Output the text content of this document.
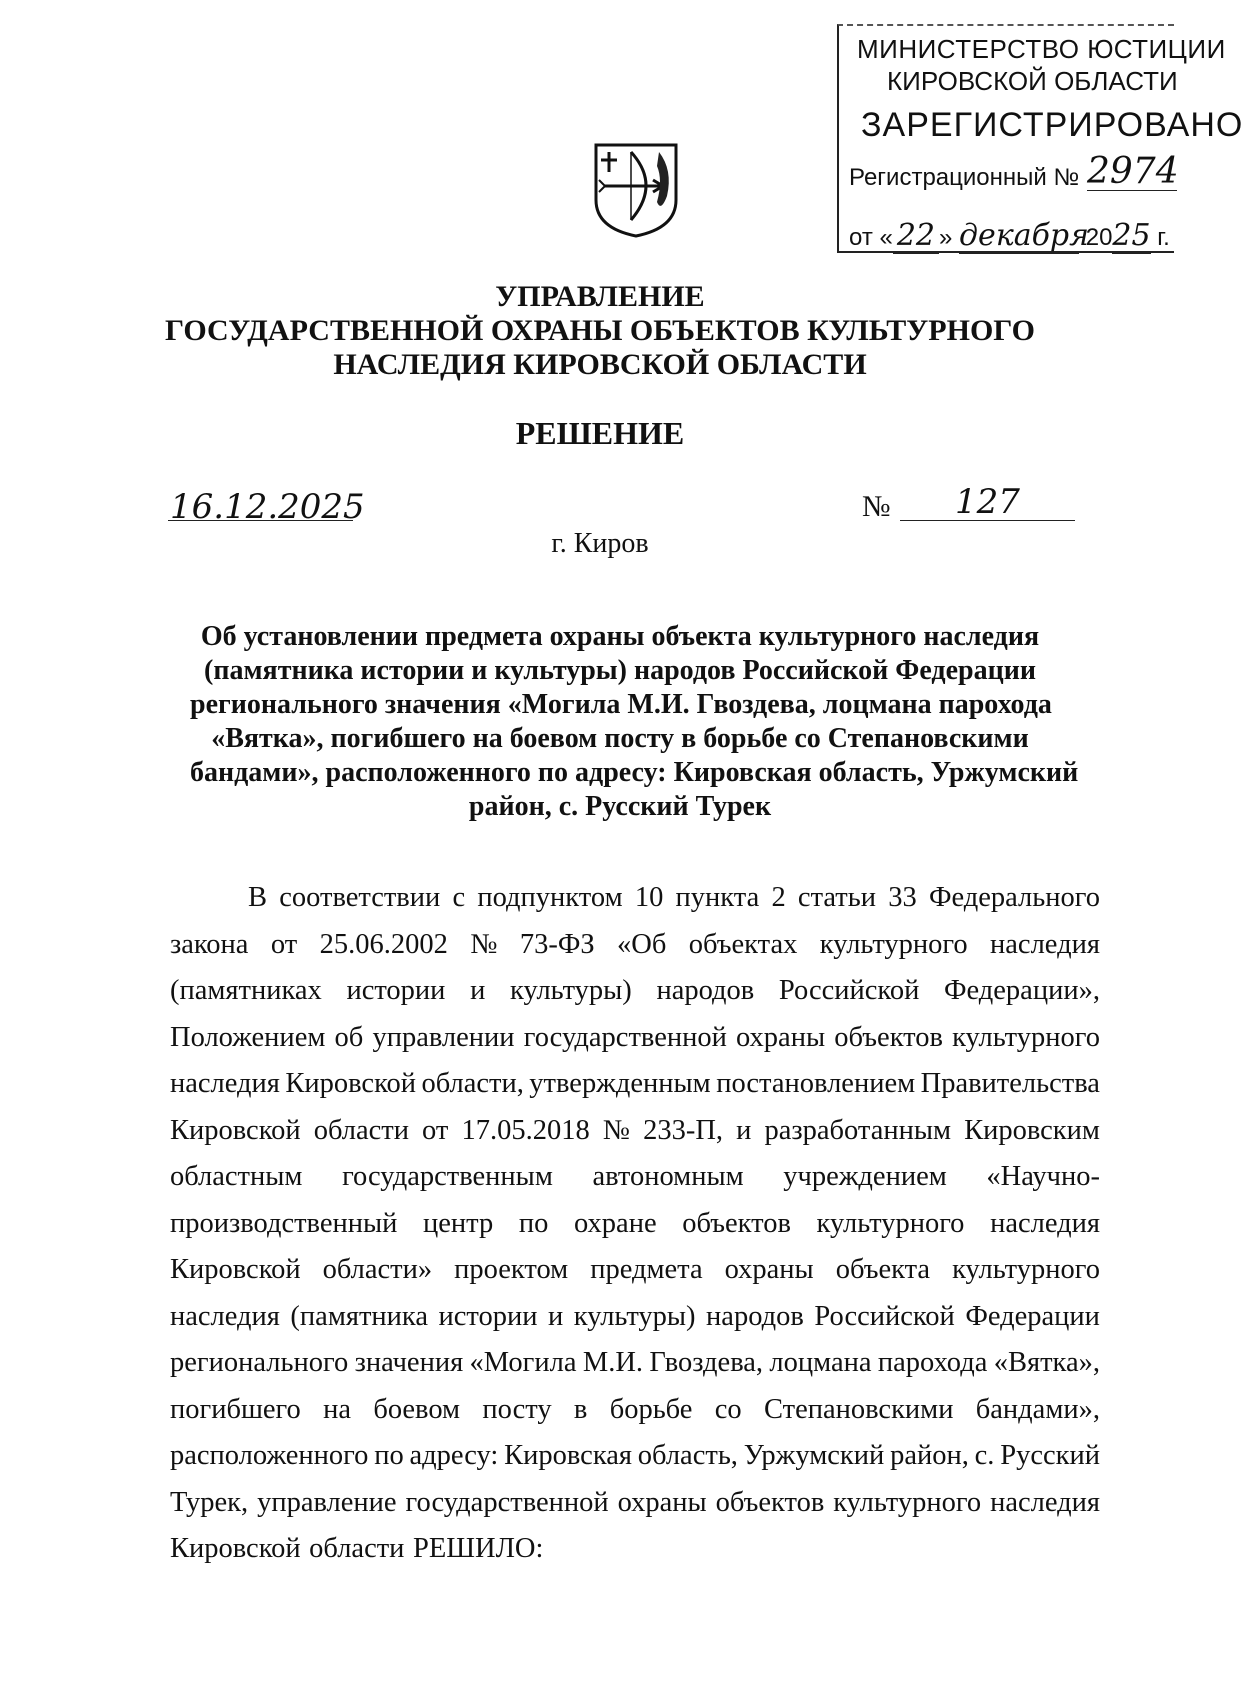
МИНИСТЕРСТВО ЮСТИЦИИ
КИРОВСКОЙ ОБЛАСТИ
ЗАРЕГИСТРИРОВАНО
Регистрационный № 2974
от « 22 » декабря 2025 г.
УПРАВЛЕНИЕ
ГОСУДАРСТВЕННОЙ ОХРАНЫ ОБЪЕКТОВ КУЛЬТУРНОГО
НАСЛЕДИЯ КИРОВСКОЙ ОБЛАСТИ
РЕШЕНИЕ
16.12.2025	№	127
г. Киров
Об установлении предмета охраны объекта культурного наследия
(памятника истории и культуры) народов Российской Федерации
регионального значения «Могила М.И. Гвоздева, лоцмана парохода
«Вятка», погибшего на боевом посту в борьбе со Степановскими
бандами», расположенного по адресу: Кировская область, Уржумский
район, с. Русский Турек
В соответствии с подпунктом 10 пункта 2 статьи 33 Федерального
закона от 25.06.2002 № 73-ФЗ «Об объектах культурного наследия
(памятниках истории и культуры) народов Российской Федерации»,
Положением об управлении государственной охраны объектов культурного
наследия Кировской области, утвержденным постановлением Правительства
Кировской области от 17.05.2018 № 233-П, и разработанным Кировским
областным государственным автономным учреждением «Научно-
производственный центр по охране объектов культурного наследия
Кировской области» проектом предмета охраны объекта культурного
наследия (памятника истории и культуры) народов Российской Федерации
регионального значения «Могила М.И. Гвоздева, лоцмана парохода «Вятка»,
погибшего на боевом посту в борьбе со Степановскими бандами»,
расположенного по адресу: Кировская область, Уржумский район, с. Русский
Турек, управление государственной охраны объектов культурного наследия
Кировской области РЕШИЛО:
